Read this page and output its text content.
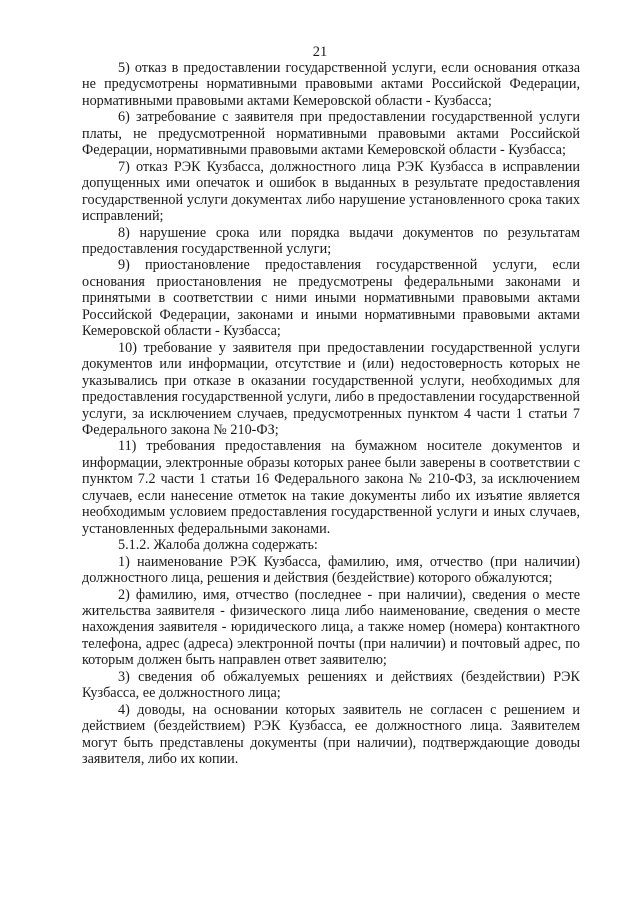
21

5) отказ в предоставлении государственной услуги, если основания отказа не предусмотрены нормативными правовыми актами Российской Федерации, нормативными правовыми актами Кемеровской области - Кузбасса;

6) затребование с заявителя при предоставлении государственной услуги платы, не предусмотренной нормативными правовыми актами Российской Федерации, нормативными правовыми актами Кемеровской области - Кузбасса;

7) отказ РЭК Кузбасса, должностного лица РЭК Кузбасса в исправлении допущенных ими опечаток и ошибок в выданных в результате предоставления государственной услуги документах либо нарушение установленного срока таких исправлений;

8) нарушение срока или порядка выдачи документов по результатам предоставления государственной услуги;

9) приостановление предоставления государственной услуги, если основания приостановления не предусмотрены федеральными законами и принятыми в соответствии с ними иными нормативными правовыми актами Российской Федерации, законами и иными нормативными правовыми актами Кемеровской области - Кузбасса;

10) требование у заявителя при предоставлении государственной услуги документов или информации, отсутствие и (или) недостоверность которых не указывались при отказе в оказании государственной услуги, необходимых для предоставления государственной услуги, либо в предоставлении государственной услуги, за исключением случаев, предусмотренных пунктом 4 части 1 статьи 7 Федерального закона № 210-ФЗ;

11) требования предоставления на бумажном носителе документов и информации, электронные образы которых ранее были заверены в соответствии с пунктом 7.2 части 1 статьи 16 Федерального закона № 210-ФЗ, за исключением случаев, если нанесение отметок на такие документы либо их изъятие является необходимым условием предоставления государственной услуги и иных случаев, установленных федеральными законами.

5.1.2. Жалоба должна содержать:

1) наименование РЭК Кузбасса, фамилию, имя, отчество (при наличии) должностного лица, решения и действия (бездействие) которого обжалуются;

2) фамилию, имя, отчество (последнее - при наличии), сведения о месте жительства заявителя - физического лица либо наименование, сведения о месте нахождения заявителя - юридического лица, а также номер (номера) контактного телефона, адрес (адреса) электронной почты (при наличии) и почтовый адрес, по которым должен быть направлен ответ заявителю;

3) сведения об обжалуемых решениях и действиях (бездействии) РЭК Кузбасса, ее должностного лица;

4) доводы, на основании которых заявитель не согласен с решением и действием (бездействием) РЭК Кузбасса, ее должностного лица. Заявителем могут быть представлены документы (при наличии), подтверждающие доводы заявителя, либо их копии.
